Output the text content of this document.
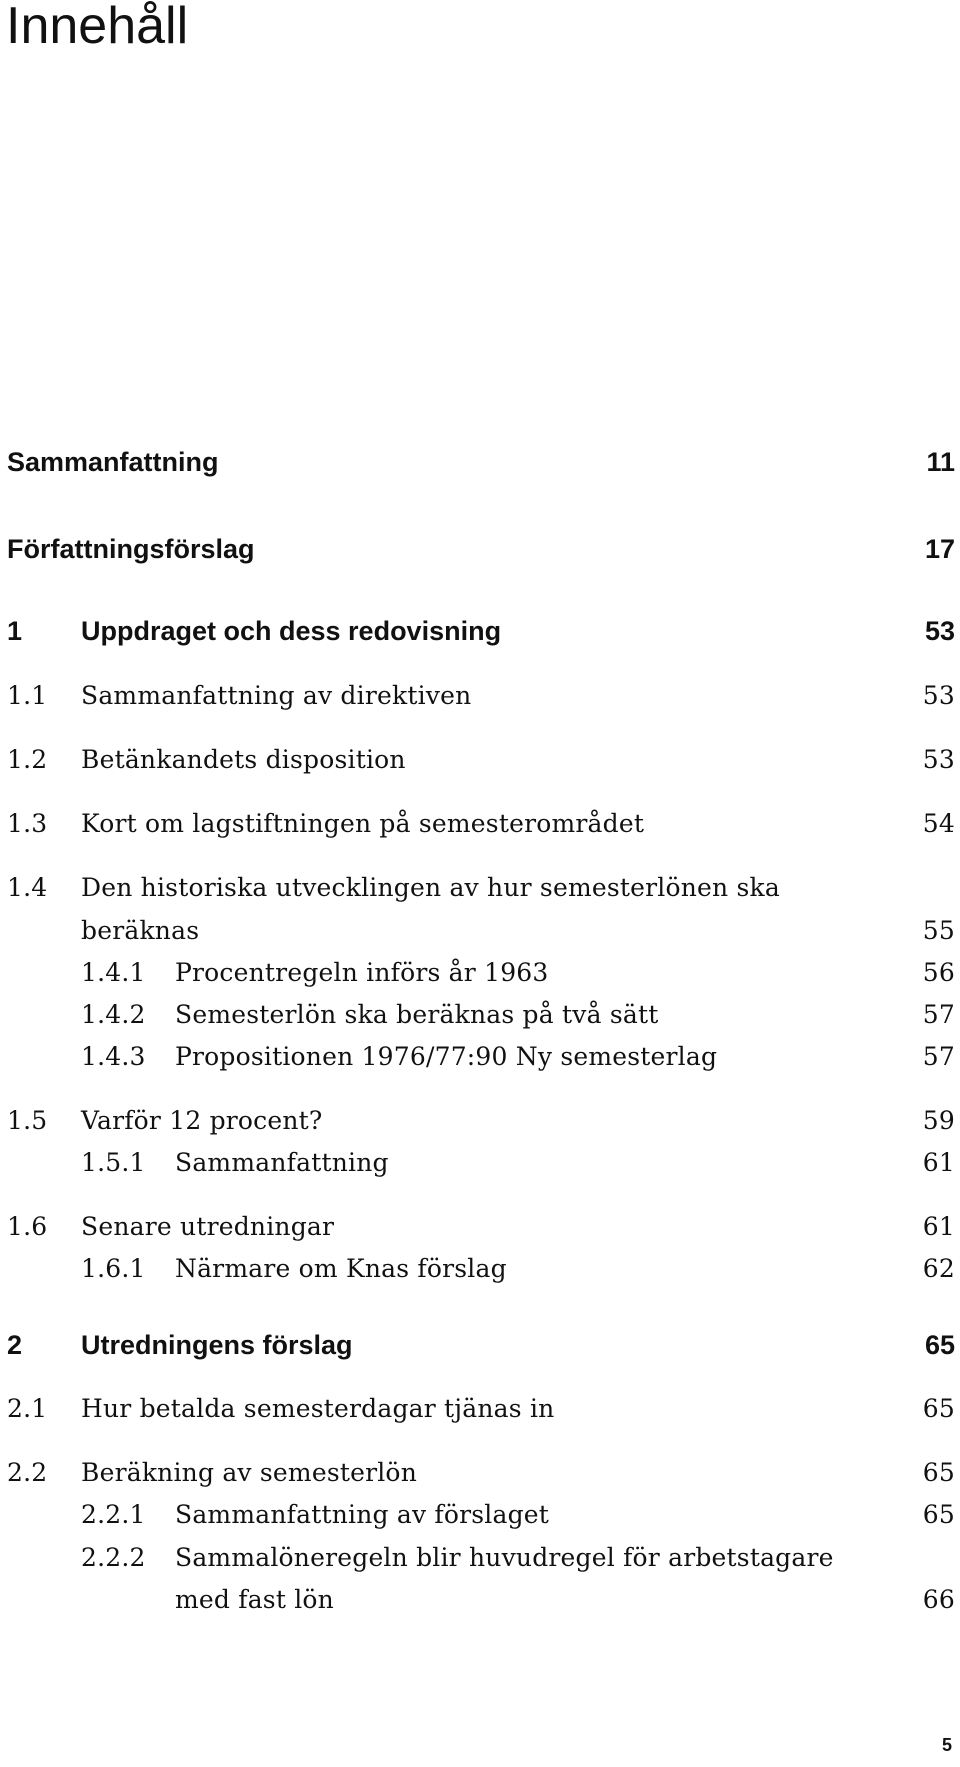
Innehåll
Sammanfattning	11
Författningsförslag	17
1 Uppdraget och dess redovisning	53
1.1 Sammanfattning av direktiven	53
1.2 Betänkandets disposition	53
1.3 Kort om lagstiftningen på semesterområdet	54
1.4 Den historiska utvecklingen av hur semesterlönen ska
beräknas	55
1.4.1 Procentregeln införs år 1963	56
1.4.2 Semesterlön ska beräknas på två sätt	57
1.4.3 Propositionen 1976/77:90 Ny semesterlag	57
1.5 Varför 12 procent?	59
1.5.1 Sammanfattning	61
1.6 Senare utredningar	61
1.6.1 Närmare om Knas förslag	62
2 Utredningens förslag	65
2.1 Hur betalda semesterdagar tjänas in	65
2.2 Beräkning av semesterlön	65
2.2.1 Sammanfattning av förslaget	65
2.2.2 Sammalöneregeln blir huvudregel för arbetstagare
med fast lön	66
5
